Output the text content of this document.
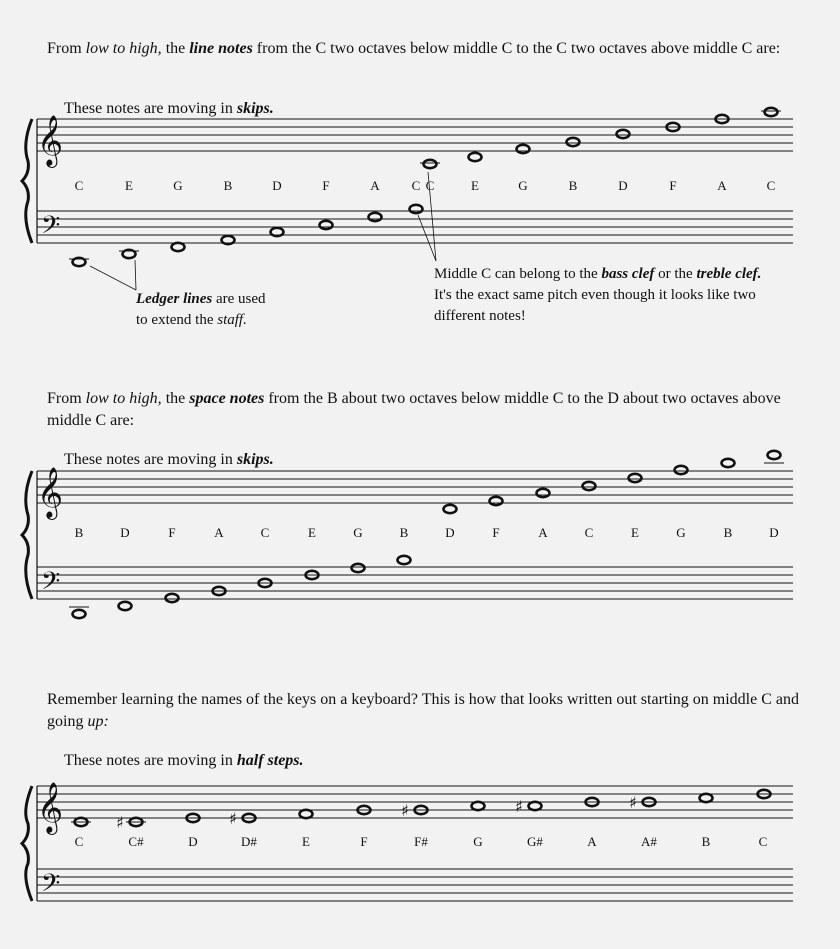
From low to high, the line notes from the C two octaves below middle C to the C two octaves above middle C are:

These notes are moving in skips.

From low to high, the space notes from the B about two octaves below middle C to the D about two octaves above middle C are:

These notes are moving in skips.

Remember learning the names of the keys on a keyboard? This is how that looks written out starting on middle C and going up:

These notes are moving in half steps.
Ledger lines are used
to extend the staff.
Middle C can belong to the bass clef or the treble clef.
It's the exact same pitch even though it looks like two
different notes!
𝄞
𝄢
𝄞
𝄢
𝄞
𝄢
♯	♯	♯	♯	♯
C	E	G	B	D	F	A	C C	E	G	B	D	F	A	C
B	D	F	A	C	E	G	B	D	F	A	C	E	G	B	D
C	C#	D	D#	E	F	F#	G	G#	A	A#	B	C
